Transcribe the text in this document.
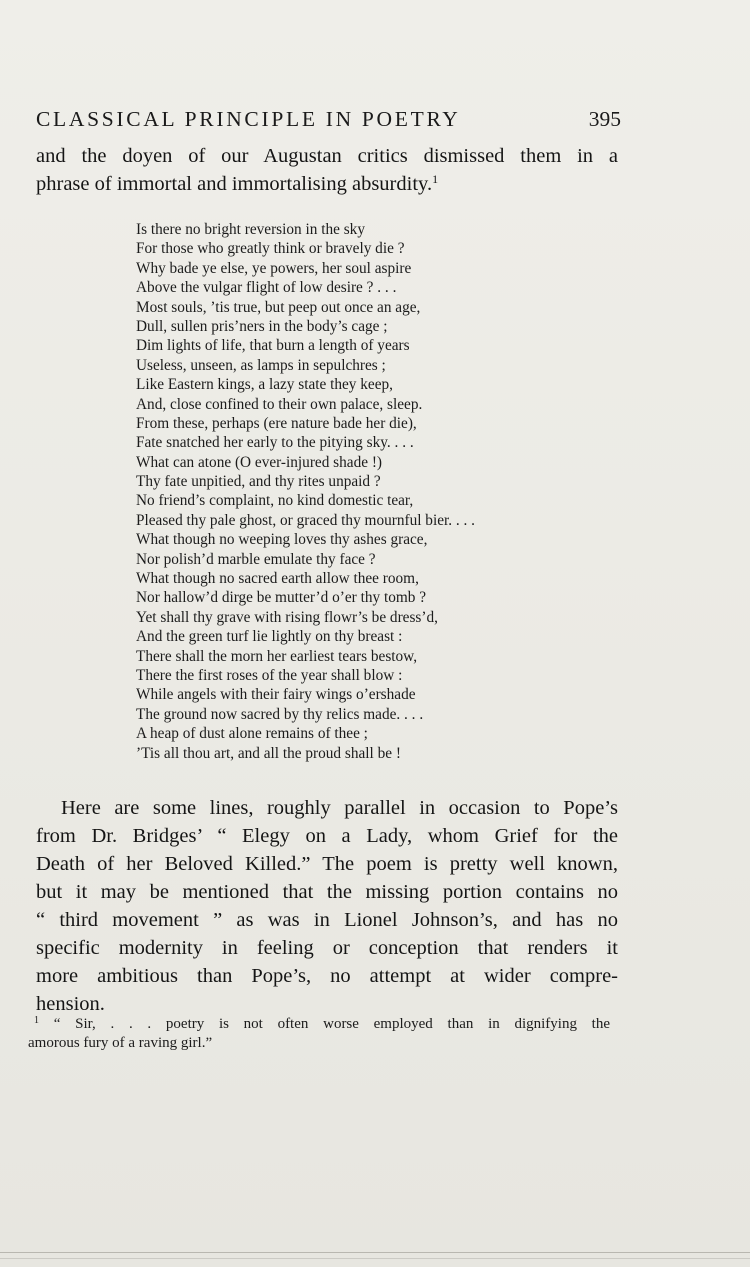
CLASSICAL PRINCIPLE IN POETRY	395
and the doyen of our Augustan critics dismissed them in a
phrase of immortal and immortalising absurdity.$^1$
Is there no bright reversion in the sky
For those who greatly think or bravely die ?
Why bade ye else, ye powers, her soul aspire
Above the vulgar flight of low desire ? . . .
Most souls, ’tis true, but peep out once an age,
Dull, sullen pris’ners in the body’s cage ;
Dim lights of life, that burn a length of years
Useless, unseen, as lamps in sepulchres ;
Like Eastern kings, a lazy state they keep,
And, close confined to their own palace, sleep.
From these, perhaps (ere nature bade her die),
Fate snatched her early to the pitying sky. . . .
What can atone (O ever-injured shade !)
Thy fate unpitied, and thy rites unpaid ?
No friend’s complaint, no kind domestic tear,
Pleased thy pale ghost, or graced thy mournful bier. . . .
What though no weeping loves thy ashes grace,
Nor polish’d marble emulate thy face ?
What though no sacred earth allow thee room,
Nor hallow’d dirge be mutter’d o’er thy tomb ?
Yet shall thy grave with rising flowr’s be dress’d,
And the green turf lie lightly on thy breast :
There shall the morn her earliest tears bestow,
There the first roses of the year shall blow :
While angels with their fairy wings o’ershade
The ground now sacred by thy relics made. . . .
A heap of dust alone remains of thee ;
’Tis all thou art, and all the proud shall be !
Here are some lines, roughly parallel in occasion to Pope’s
from Dr. Bridges’ “ Elegy on a Lady, whom Grief for the
Death of her Beloved Killed.” The poem is pretty well known,
but it may be mentioned that the missing portion contains no
“ third movement ” as was in Lionel Johnson’s, and has no
specific modernity in feeling or conception that renders it
more ambitious than Pope’s, no attempt at wider compre-
hension.
$^1$ “ Sir, . . . poetry is not often worse employed than in dignifying the
amorous fury of a raving girl.”
